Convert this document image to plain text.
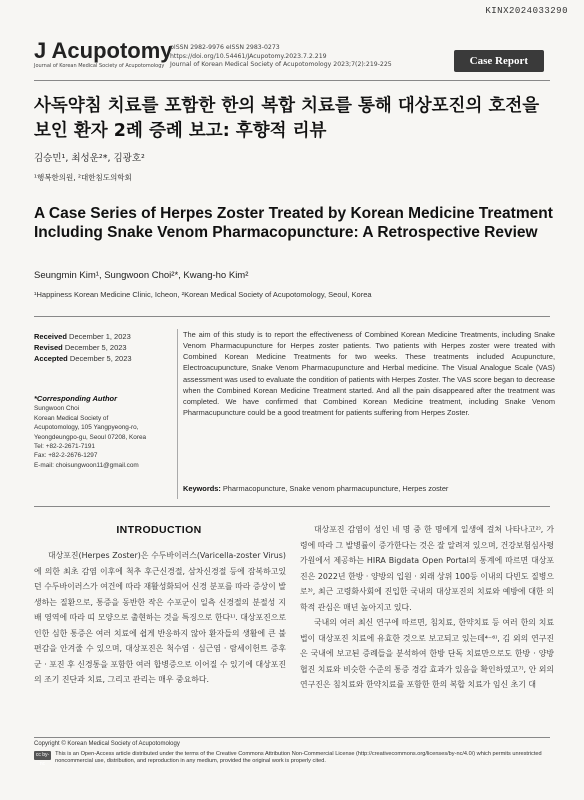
KINX2024033290
J Acupotomy
Journal of Korean Medical Society of Acupotomology
pISSN 2982-9976 eISSN 2983-0273
https://doi.org/10.54461/JAcupotomy.2023.7.2.219
Journal of Korean Medical Society of Acupotomology 2023;7(2):219-225	Case Report
사독약침 치료를 포함한 한의 복합 치료를 통해 대상포진의 호전을 보인 환자 2례 증례 보고: 후향적 리뷰
김승민¹, 최성운²*, 김광호²
¹행복한의원, ²대한침도의학회
A Case Series of Herpes Zoster Treated by Korean Medicine Treatment Including Snake Venom Pharmacopuncture: A Retrospective Review
Seungmin Kim¹, Sungwoon Choi²*, Kwang-ho Kim²
¹Happiness Korean Medicine Clinic, Icheon, ²Korean Medical Society of Acupotomology, Seoul, Korea
Received December 1, 2023
Revised December 5, 2023
Accepted December 5, 2023
*Corresponding Author
Sungwoon Choi
Korean Medical Society of
Acupotomology, 105 Yangpyeong-ro,
Yeongdeungpo-gu, Seoul 07208, Korea
Tel: +82-2-2671-7191
Fax: +82-2-2676-1297
E-mail: choisungwoon11@gmail.com
The aim of this study is to report the effectiveness of Combined Korean Medicine Treatments, including Snake Venom Pharmacupuncture for Herpes zoster patients. Two patients with Herpes zoster were treated with Combined Korean Medicine Treatments for two weeks. These treatments included Acupuncture, Electroacupuncture, Snake Venom Pharmacupuncture and Herbal medicine. The Visual Analogue Scale (VAS) assessment was used to evaluate the condition of patients with Herpes Zoster. The VAS score began to decrease when the Combined Korean Medicine Treatment started. And all the pain disappeared after the treatment was completed. We have confirmed that Combined Korean Medicine treatment, including Snake Venom Pharmacupuncture could be a good treatment for patients suffering from Herpes Zoster.
Keywords: Pharmacopuncture, Snake venom pharmacupuncture, Herpes zoster
INTRODUCTION

대상포진(Herpes Zoster)은 수두바이러스(Varicella-zoster Virus)에 의한 최초 감염 이후에 척추 후근신경절, 삼차신경절 등에 잠복하고있던 수두바이러스가 여건에 따라 재활성화되어 신경 분포를 따라 증상이 발생하는 질환으로, 통증을 동반한 작은 수포군이 일측 신경절의 분절성 지배 영역에 따라 띠 모양으로 출현하는 것을 특징으로 한다¹⁾. 대상포진으로 인한 심한 통증은 여러 치료에 쉽게 반응하지 않아 환자들의 생활에 큰 불편감을 안겨줄 수 있으며, 대상포진은 척수염 · 심근염 · 람세이헌트 증후군 · 포진 후 신경통을 포함한 여러 합병증으로 이어질 수 있기에 대상포진의 조기 진단과 치료, 그리고 관리는 매우 중요하다.

대상포진 감염이 성인 네 명 중 한 명에게 일생에 걸쳐 나타나고²⁾, 가령에 따라 그 발병률이 증가한다는 것은 잘 알려져 있으며, 건강보험심사평가원에서 제공하는 HIRA Bigdata Open Portal의 통계에 따르면 대상포진은 2022년 한방 · 양방의 입원 · 외래 상위 100등 이내의 다빈도 질병으로³⁾, 최근 고령화사회에 진입한 국내의 대상포진의 치료와 예방에 대한 의학적 관심은 매년 높아지고 있다.

국내의 여러 최신 연구에 따르면, 침치료, 한약치료 등 여러 한의 치료법이 대상포진 치료에 유효한 것으로 보고되고 있는데⁴⁻⁶⁾, 김 외의 연구진은 국내에 보고된 증례들을 분석하여 한방 단독 치료만으로도 한방 · 양방 협진 치료와 비슷한 수준의 통증 경감 효과가 있음을 확인하였고⁷⁾, 안 외의 연구진은 침치료와 한약치료를 포함한 한의 복합 치료가 임신 초기 대

Copyright © Korean Medical Society of Acupotomology
cc by-nc
This is an Open-Access article distributed under the terms of the Creative Commons Attribution Non-Commercial License (http://creativecommons.org/licenses/by-nc/4.0/) which permits unrestricted noncommercial use, distribution, and reproduction in any medium, provided the original work is properly cited.
